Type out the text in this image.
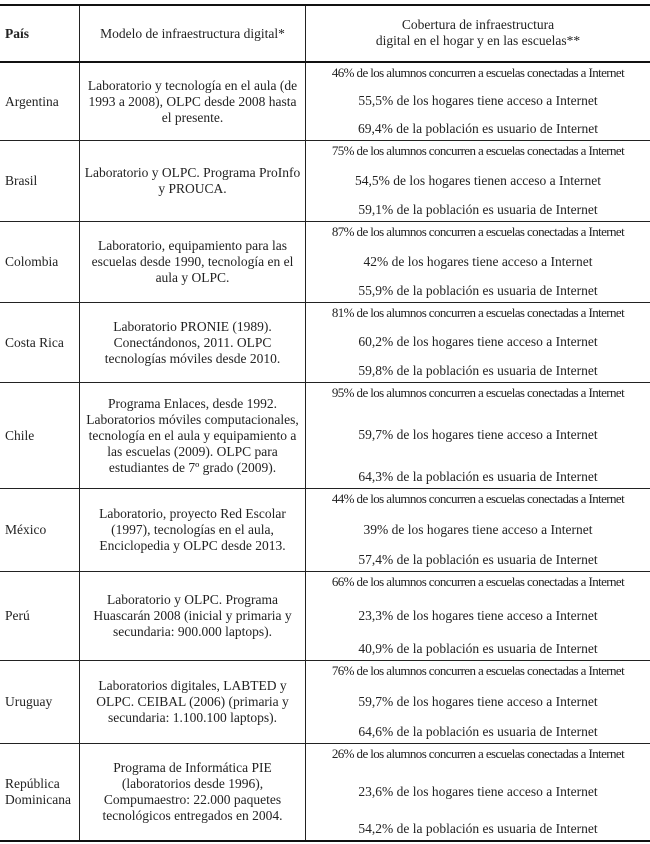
País	Modelo de infraestructura digital*
Cobertura de infraestructura
digital en el hogar y en las escuelas**
Argentina
Laboratorio y tecnología en el aula (de 1993 a 2008), OLPC desde 2008 hasta el presente.
46% de los alumnos concurren a escuelas conectadas a Internet
55,5% de los hogares tiene acceso a Internet
69,4% de la población es usuario de Internet
Brasil
Laboratorio y OLPC. Programa ProInfo y PROUCA.
75% de los alumnos concurren a escuelas conectadas a Internet
54,5% de los hogares tienen acceso a Internet
59,1% de la población es usuaria de Internet
Colombia
Laboratorio, equipamiento para las escuelas desde 1990, tecnología en el aula y OLPC.
87% de los alumnos concurren a escuelas conectadas a Internet
42% de los hogares tiene acceso a Internet
55,9% de la población es usuaria de Internet
Costa Rica
Laboratorio PRONIE (1989). Conectándonos, 2011. OLPC tecnologías móviles desde 2010.
81% de los alumnos concurren a escuelas conectadas a Internet
60,2% de los hogares tiene acceso a Internet
59,8% de la población es usuaria de Internet
Chile
Programa Enlaces, desde 1992. Laboratorios móviles computacionales, tecnología en el aula y equipamiento a las escuelas (2009). OLPC para estudiantes de 7º grado (2009).
95% de los alumnos concurren a escuelas conectadas a Internet
59,7% de los hogares tiene acceso a Internet
64,3% de la población es usuaria de Internet
México
Laboratorio, proyecto Red Escolar (1997), tecnologías en el aula, Enciclopedia y OLPC desde 2013.
44% de los alumnos concurren a escuelas conectadas a Internet
39% de los hogares tiene acceso a Internet
57,4% de la población es usuaria de Internet
Perú
Laboratorio y OLPC. Programa Huascarán 2008 (inicial y primaria y secundaria: 900.000 laptops).
66% de los alumnos concurren a escuelas conectadas a Internet
23,3% de los hogares tiene acceso a Internet
40,9% de la población es usuaria de Internet
Uruguay
Laboratorios digitales, LABTED y OLPC. CEIBAL (2006) (primaria y secundaria: 1.100.100 laptops).
76% de los alumnos concurren a escuelas conectadas a Internet
59,7% de los hogares tiene acceso a Internet
64,6% de la población es usuaria de Internet
República Dominicana
Programa de Informática PIE (laboratorios desde 1996), Compumaestro: 22.000 paquetes tecnológicos entregados en 2004.
26% de los alumnos concurren a escuelas conectadas a Internet
23,6% de los hogares tiene acceso a Internet
54,2% de la población es usuaria de Internet
